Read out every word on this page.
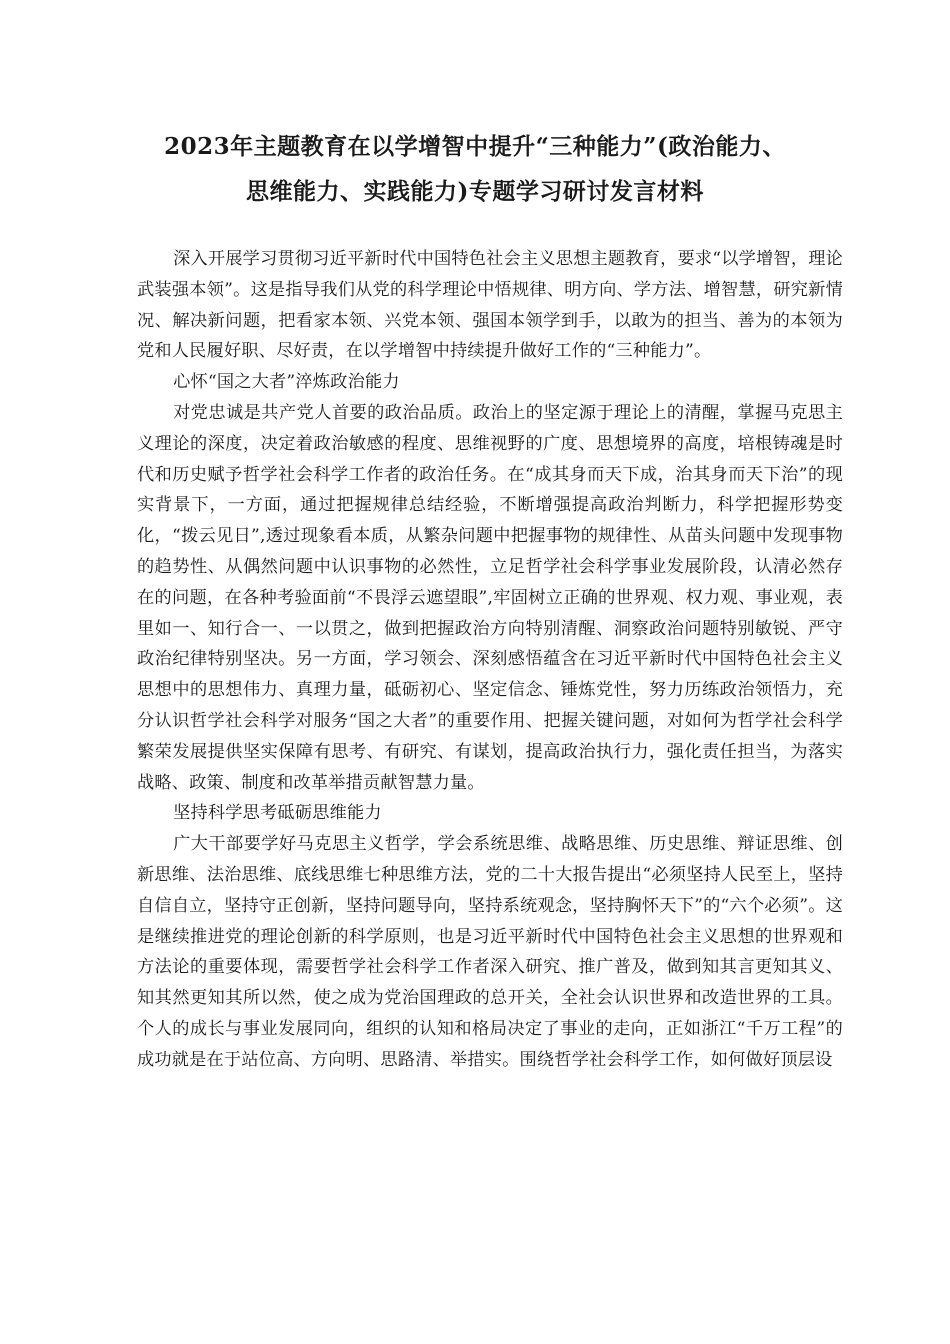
2023年主题教育在以学增智中提升“三种能力”(政治能力、
思维能力、实践能力)专题学习研讨发言材料

深入开展学习贯彻习近平新时代中国特色社会主义思想主题教育，要求“以学增智，理论武装强本领”。这是指导我们从党的科学理论中悟规律、明方向、学方法、增智慧，研究新情况、解决新问题，把看家本领、兴党本领、强国本领学到手，以敢为的担当、善为的本领为党和人民履好职、尽好责，在以学增智中持续提升做好工作的“三种能力”。

心怀“国之大者”淬炼政治能力

对党忠诚是共产党人首要的政治品质。政治上的坚定源于理论上的清醒，掌握马克思主义理论的深度，决定着政治敏感的程度、思维视野的广度、思想境界的高度，培根铸魂是时代和历史赋予哲学社会科学工作者的政治任务。在“成其身而天下成，治其身而天下治”的现实背景下，一方面，通过把握规律总结经验，不断增强提高政治判断力，科学把握形势变化，“拨云见日”,透过现象看本质，从繁杂问题中把握事物的规律性、从苗头问题中发现事物的趋势性、从偶然问题中认识事物的必然性，立足哲学社会科学事业发展阶段，认清必然存在的问题，在各种考验面前“不畏浮云遮望眼”,牢固树立正确的世界观、权力观、事业观，表里如一、知行合一、一以贯之，做到把握政治方向特别清醒、洞察政治问题特别敏锐、严守政治纪律特别坚决。另一方面，学习领会、深刻感悟蕴含在习近平新时代中国特色社会主义思想中的思想伟力、真理力量，砥砺初心、坚定信念、锤炼党性，努力历练政治领悟力，充分认识哲学社会科学对服务“国之大者”的重要作用、把握关键问题，对如何为哲学社会科学繁荣发展提供坚实保障有思考、有研究、有谋划，提高政治执行力，强化责任担当，为落实战略、政策、制度和改革举措贡献智慧力量。

坚持科学思考砥砺思维能力

广大干部要学好马克思主义哲学，学会系统思维、战略思维、历史思维、辩证思维、创新思维、法治思维、底线思维七种思维方法，党的二十大报告提出“必须坚持人民至上，坚持自信自立，坚持守正创新，坚持问题导向，坚持系统观念，坚持胸怀天下”的“六个必须”。这是继续推进党的理论创新的科学原则，也是习近平新时代中国特色社会主义思想的世界观和方法论的重要体现，需要哲学社会科学工作者深入研究、推广普及，做到知其言更知其义、知其然更知其所以然，使之成为党治国理政的总开关，全社会认识世界和改造世界的工具。个人的成长与事业发展同向，组织的认知和格局决定了事业的走向，正如浙江“千万工程”的成功就是在于站位高、方向明、思路清、举措实。围绕哲学社会科学工作，如何做好顶层设
